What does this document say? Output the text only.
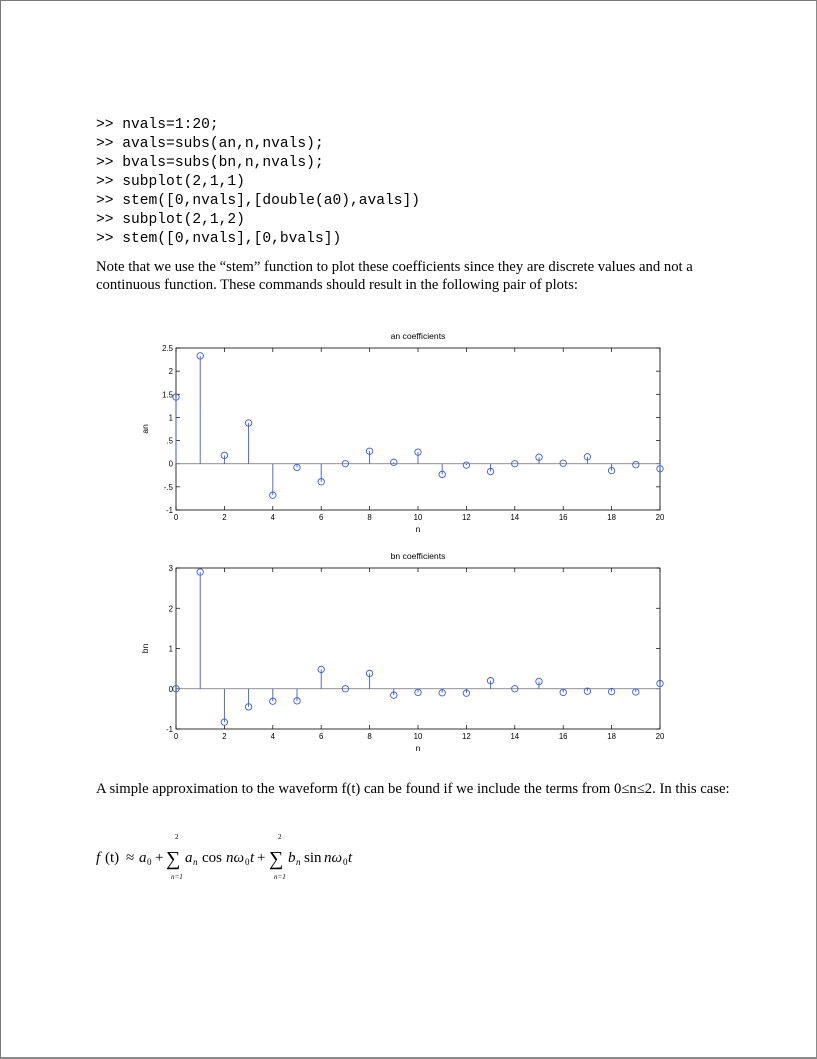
>> nvals=1:20;
>> avals=subs(an,n,nvals);
>> bvals=subs(bn,n,nvals);
>> subplot(2,1,1)
>> stem([0,nvals],[double(a0),avals])
>> subplot(2,1,2)
>> stem([0,nvals],[0,bvals])

Note that we use the “stem” function to plot these coefficients since they are discrete values and not a continuous function. These commands should result in the following pair of plots:

an coefficients
0	2	4	6	8	10	12	14	16	18	20
-1
-.5
0
.5
1
1.5
2
2.5
n
an
bn coefficients
0	2	4	6	8	10	12	14	16	18	20
-1
0
1
2
3
n
bn

A simple approximation to the waveform f(t) can be found if we include the terms from 0≤n≤2. In this case:

f (t) ≈ a 0 +
2
∑
n=1
a n cos nω 0 t +
2
∑
n=1
b n sin nω 0 t
